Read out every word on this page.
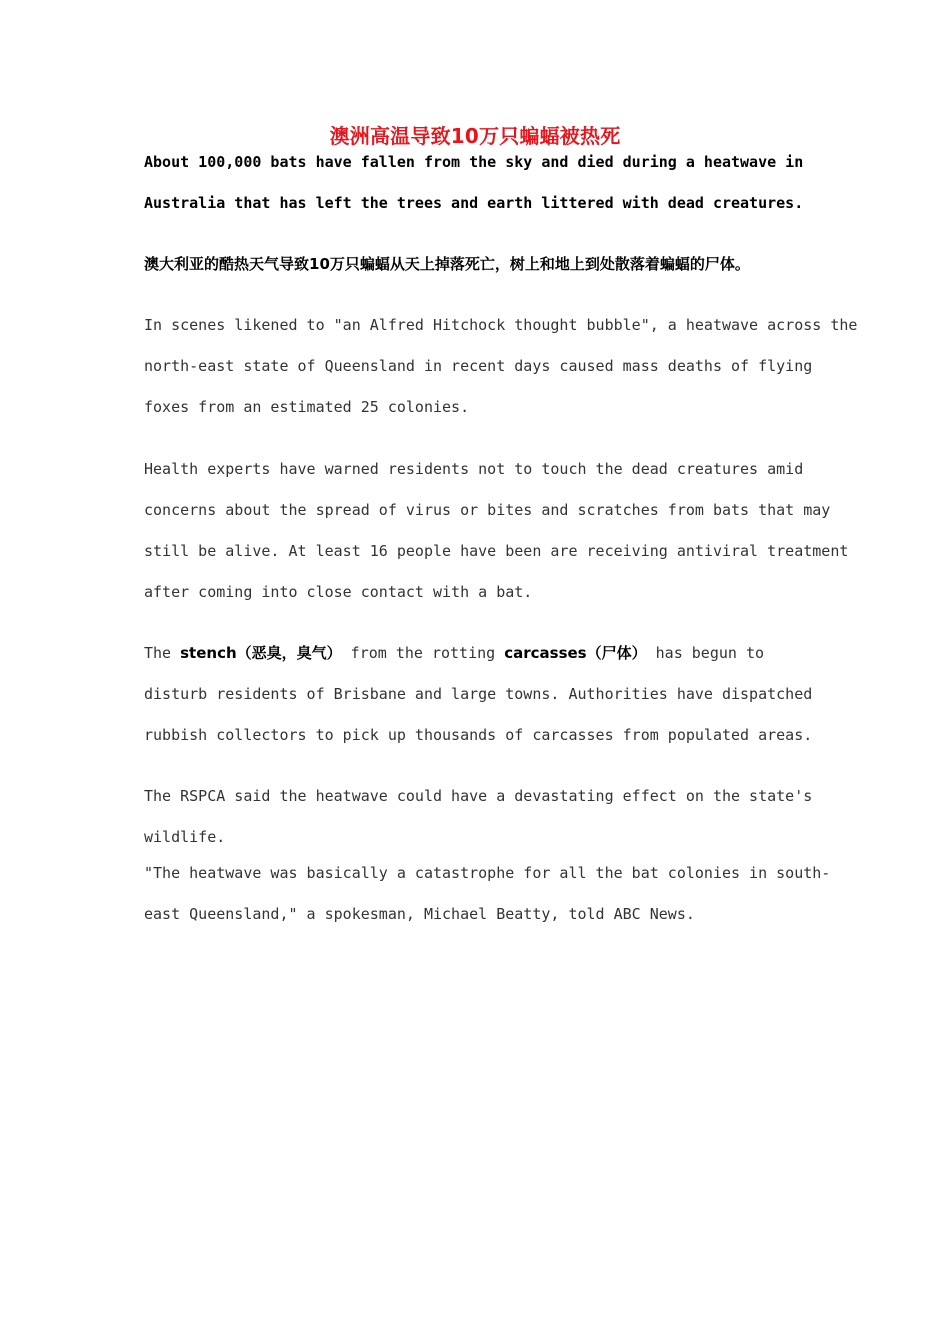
澳洲高温导致10万只蝙蝠被热死
About 100,000 bats have fallen from the sky and died during a heatwave in
Australia that has left the trees and earth littered with dead creatures.
澳大利亚的酷热天气导致10万只蝙蝠从天上掉落死亡，树上和地上到处散落着蝙蝠的尸体。
In scenes likened to "an Alfred Hitchock thought bubble", a heatwave across the
north-east state of Queensland in recent days caused mass deaths of flying
foxes from an estimated 25 colonies.
Health experts have warned residents not to touch the dead creatures amid
concerns about the spread of virus or bites and scratches from bats that may
still be alive. At least 16 people have been are receiving antiviral treatment
after coming into close contact with a bat.
The stench（恶臭，臭气） from the rotting carcasses（尸体） has begun to
disturb residents of Brisbane and large towns. Authorities have dispatched
rubbish collectors to pick up thousands of carcasses from populated areas.
The RSPCA said the heatwave could have a devastating effect on the state's
wildlife.
"The heatwave was basically a catastrophe for all the bat colonies in south-
east Queensland," a spokesman, Michael Beatty, told ABC News.
